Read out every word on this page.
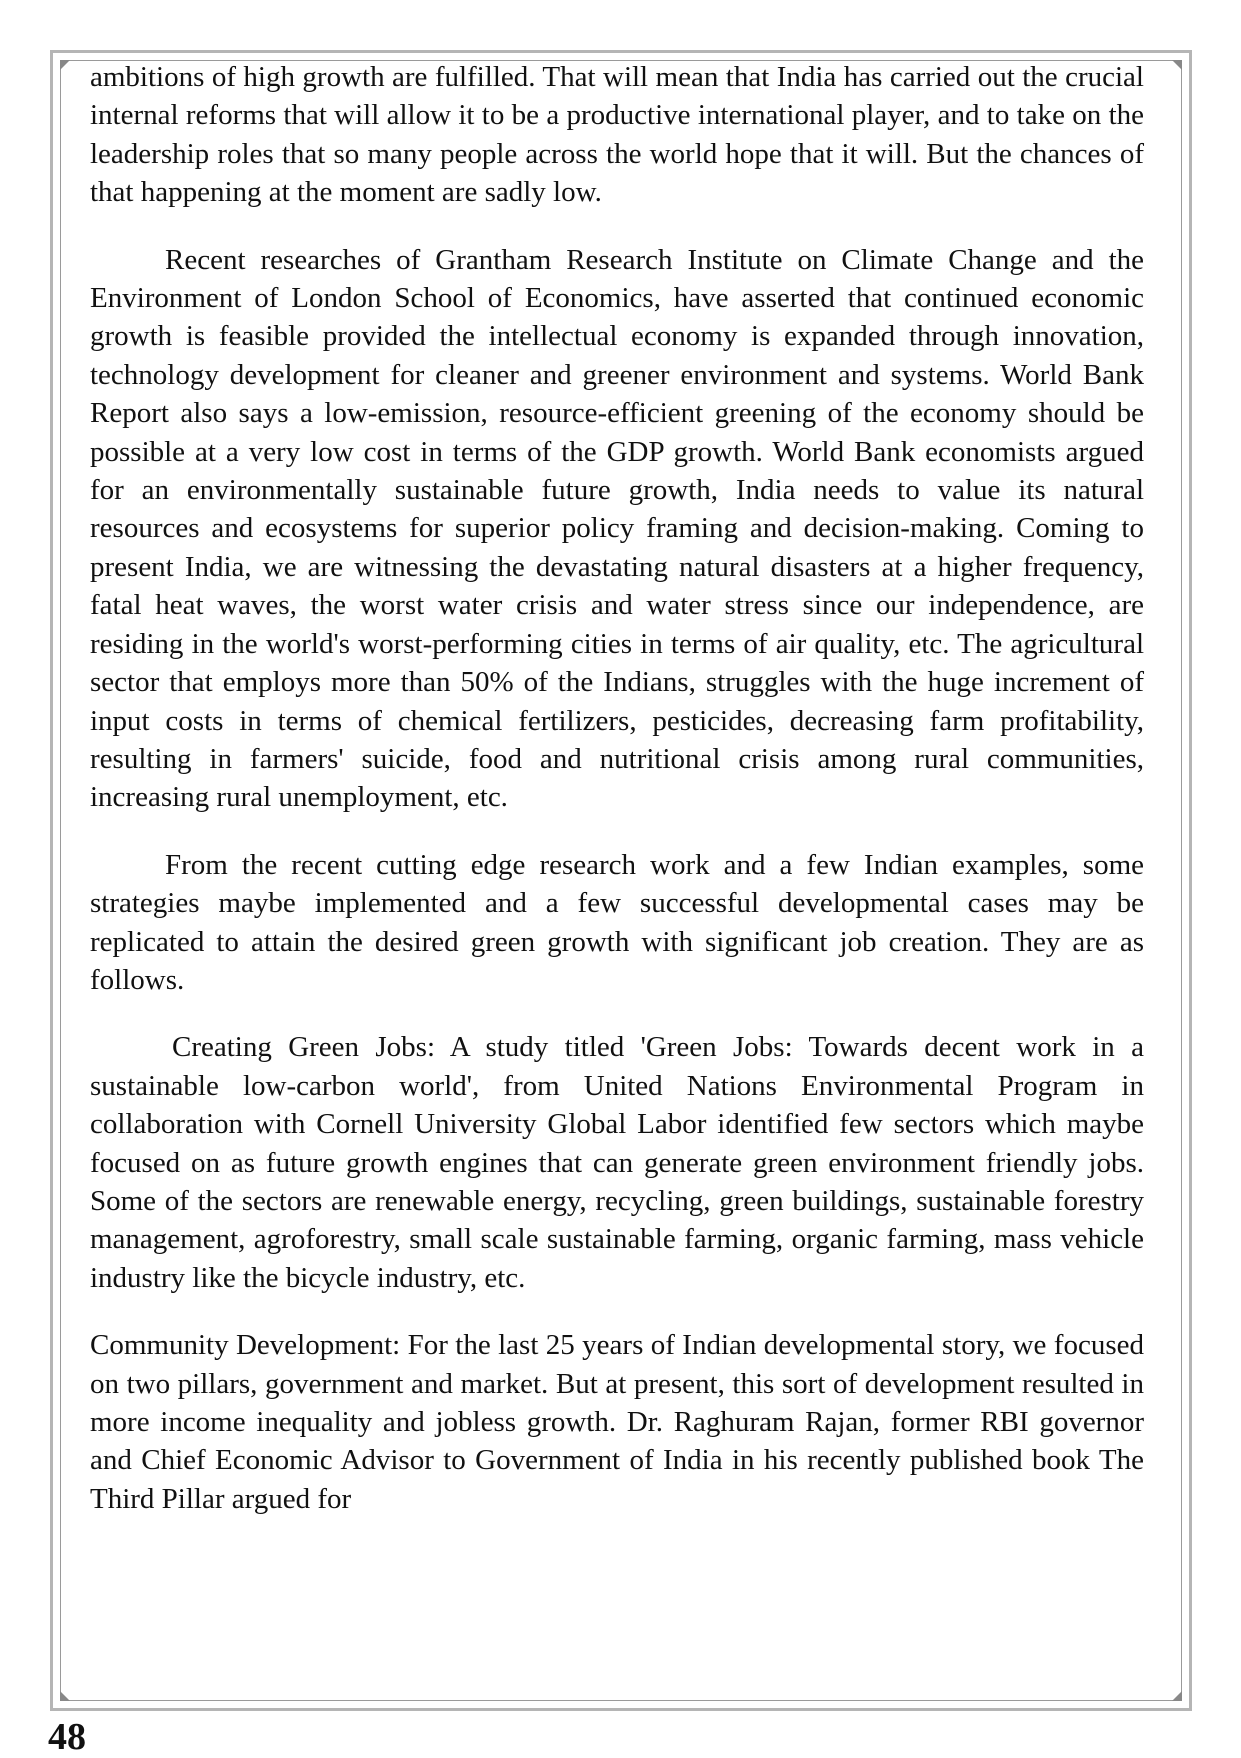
ambitions of high growth are fulfilled. That will mean that India has carried out the crucial internal reforms that will allow it to be a productive international player, and to take on the leadership roles that so many people across the world hope that it will. But the chances of that happening at the moment are sadly low.

Recent researches of Grantham Research Institute on Climate Change and the Environment of London School of Economics, have asserted that continued economic growth is feasible provided the intellectual economy is expanded through innovation, technology development for cleaner and greener environment and systems. World Bank Report also says a low-emission, resource-efficient greening of the economy should be possible at a very low cost in terms of the GDP growth. World Bank economists argued for an environmentally sustainable future growth, India needs to value its natural resources and ecosystems for superior policy framing and decision-making. Coming to present India, we are witnessing the devastating natural disasters at a higher frequency, fatal heat waves, the worst water crisis and water stress since our independence, are residing in the world's worst-performing cities in terms of air quality, etc. The agricultural sector that employs more than 50% of the Indians, struggles with the huge increment of input costs in terms of chemical fertilizers, pesticides, decreasing farm profitability, resulting in farmers' suicide, food and nutritional crisis among rural communities, increasing rural unemployment, etc.

From the recent cutting edge research work and a few Indian examples, some strategies maybe implemented and a few successful developmental cases may be replicated to attain the desired green growth with significant job creation. They are as follows.

Creating Green Jobs: A study titled 'Green Jobs: Towards decent work in a sustainable low-carbon world', from United Nations Environmental Program in collaboration with Cornell University Global Labor identified few sectors which maybe focused on as future growth engines that can generate green environment friendly jobs. Some of the sectors are renewable energy, recycling, green buildings, sustainable forestry management, agroforestry, small scale sustainable farming, organic farming, mass vehicle industry like the bicycle industry, etc.

Community Development: For the last 25 years of Indian developmental story, we focused on two pillars, government and market. But at present, this sort of development resulted in more income inequality and jobless growth. Dr. Raghuram Rajan, former RBI governor and Chief Economic Advisor to Government of India in his recently published book The Third Pillar argued for

48
